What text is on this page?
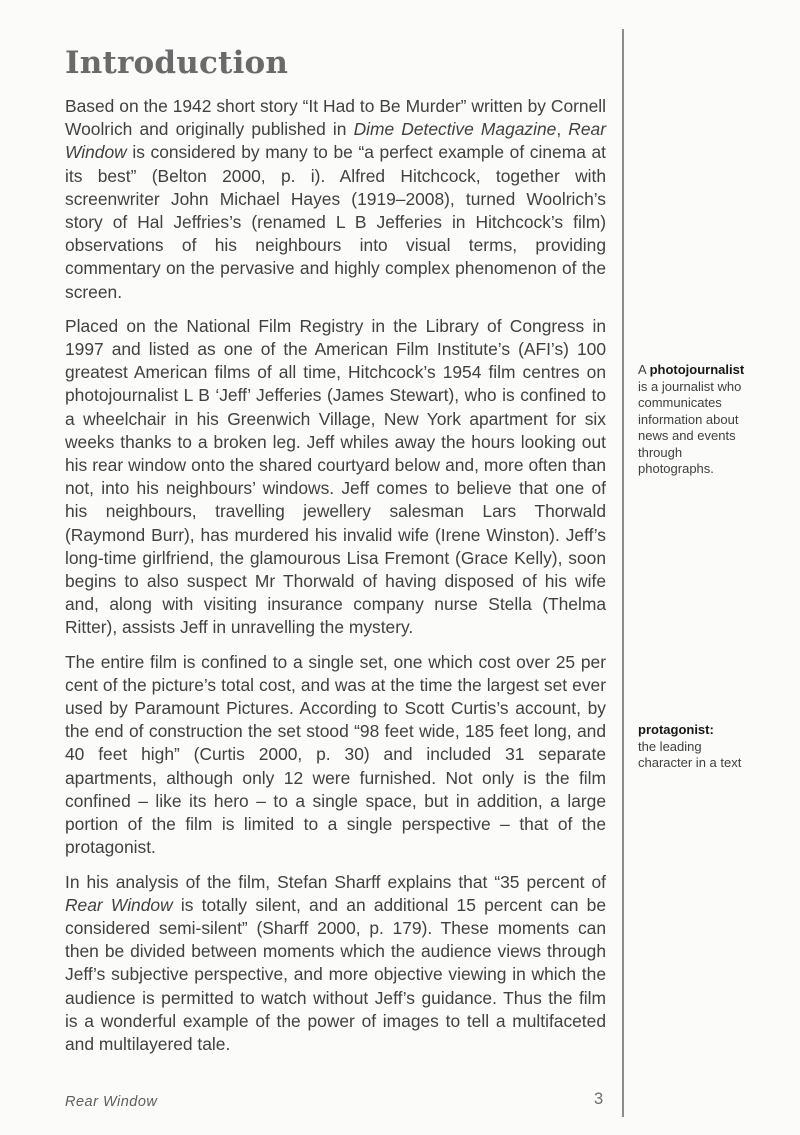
Introduction

Based on the 1942 short story “It Had to Be Murder” written by Cornell Woolrich and originally published in Dime Detective Magazine, Rear Window is considered by many to be “a perfect example of cinema at its best” (Belton 2000, p. i). Alfred Hitchcock, together with screenwriter John Michael Hayes (1919–2008), turned Woolrich’s story of Hal Jeffries’s (renamed L B Jefferies in Hitchcock’s film) observations of his neighbours into visual terms, providing commentary on the pervasive and highly complex phenomenon of the screen.

Placed on the National Film Registry in the Library of Congress in 1997 and listed as one of the American Film Institute’s (AFI’s) 100 greatest American films of all time, Hitchcock’s 1954 film centres on photojournalist L B ‘Jeff’ Jefferies (James Stewart), who is confined to a wheelchair in his Greenwich Village, New York apartment for six weeks thanks to a broken leg. Jeff whiles away the hours looking out his rear window onto the shared courtyard below and, more often than not, into his neighbours’ windows. Jeff comes to believe that one of his neighbours, travelling jewellery salesman Lars Thorwald (Raymond Burr), has murdered his invalid wife (Irene Winston). Jeff’s long-time girlfriend, the glamourous Lisa Fremont (Grace Kelly), soon begins to also suspect Mr Thorwald of having disposed of his wife and, along with visiting insurance company nurse Stella (Thelma Ritter), assists Jeff in unravelling the mystery.

The entire film is confined to a single set, one which cost over 25 per cent of the picture’s total cost, and was at the time the largest set ever used by Paramount Pictures. According to Scott Curtis’s account, by the end of construction the set stood “98 feet wide, 185 feet long, and 40 feet high” (Curtis 2000, p. 30) and included 31 separate apartments, although only 12 were furnished. Not only is the film confined – like its hero – to a single space, but in addition, a large portion of the film is limited to a single perspective – that of the protagonist.

In his analysis of the film, Stefan Sharff explains that “35 percent of Rear Window is totally silent, and an additional 15 percent can be considered semi-silent” (Sharff 2000, p. 179). These moments can then be divided between moments which the audience views through Jeff’s subjective perspective, and more objective viewing in which the audience is permitted to watch without Jeff’s guidance. Thus the film is a wonderful example of the power of images to tell a multifaceted and multilayered tale.

A photojournalist is a journalist who communicates information about news and events through photographs.
protagonist:
the leading character in a text
Rear Window	3
